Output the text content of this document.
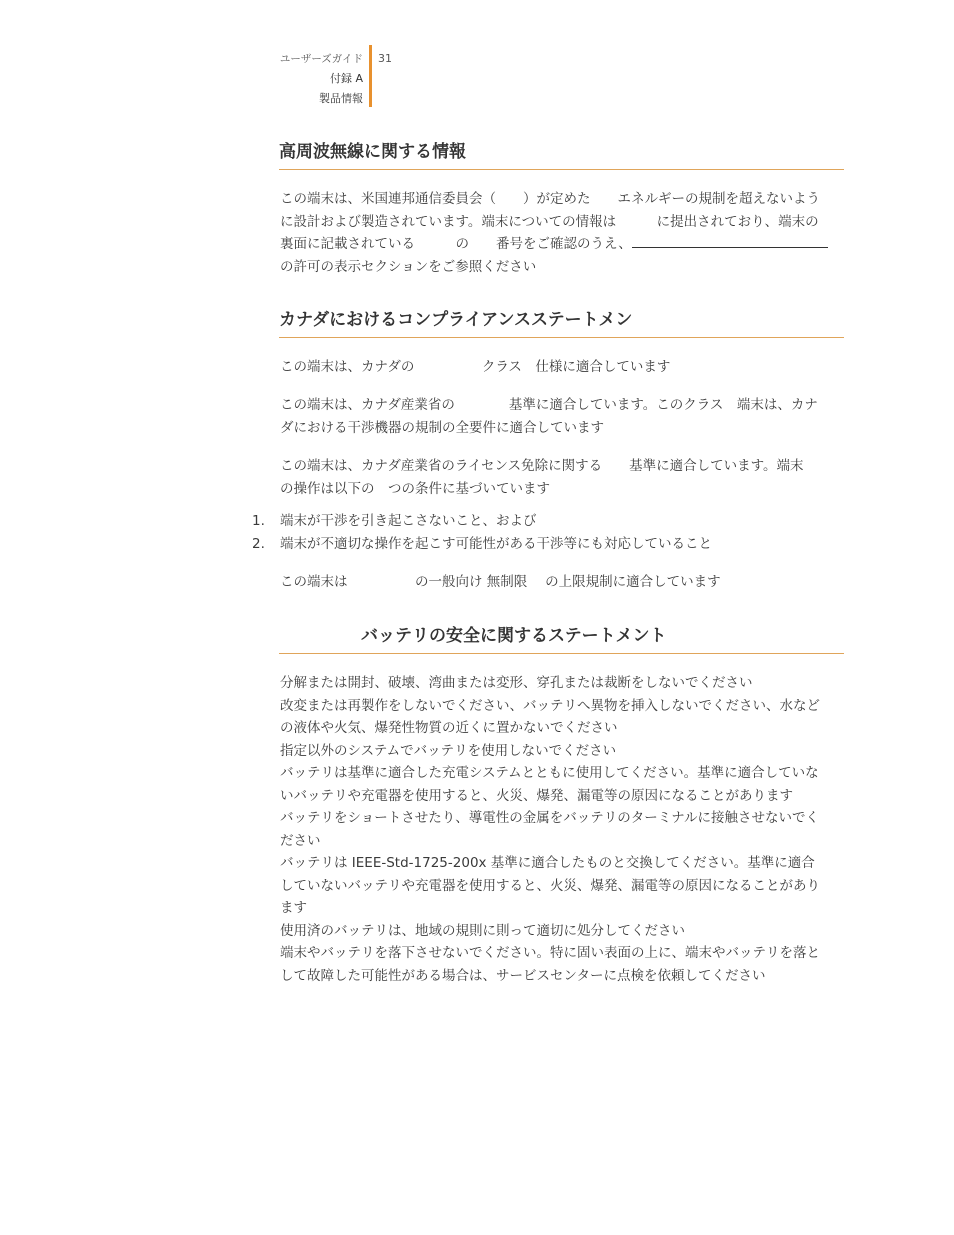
ユーザーズガイド
付録 A
製品情報
31
高周波無線に関する情報
この端末は、米国連邦通信委員会（　　）が定めた　　エネルギーの規制を超えないよう
に設計および製造されています。端末についての情報は　　　に提出されており、端末の
裏面に記載されている　　　の　　番号をご確認のうえ、
の許可の表示セクションをご参照ください
カナダにおけるコンプライアンスステートメン
この端末は、カナダの　　　　　クラス　仕様に適合しています
この端末は、カナダ産業省の　　　　基準に適合しています。このクラス　端末は、カナ
ダにおける干渉機器の規制の全要件に適合しています
この端末は、カナダ産業省のライセンス免除に関する　　基準に適合しています。端末
の操作は以下の　つの条件に基づいています
1.	端末が干渉を引き起こさないこと、および
2.	端末が不適切な操作を起こす可能性がある干渉等にも対応していること
この端末は　　　　　の一般向け 無制限　 の上限規制に適合しています
バッテリの安全に関するステートメント
分解または開封、破壊、湾曲または変形、穿孔または裁断をしないでください
改変または再製作をしないでください、バッテリへ異物を挿入しないでください、水など
の液体や火気、爆発性物質の近くに置かないでください
指定以外のシステムでバッテリを使用しないでください
バッテリは基準に適合した充電システムとともに使用してください。基準に適合していな
いバッテリや充電器を使用すると、火災、爆発、漏電等の原因になることがあります
バッテリをショートさせたり、導電性の金属をバッテリのターミナルに接触させないでく
ださい
バッテリは IEEE-Std-1725-200x 基準に適合したものと交換してください。基準に適合
していないバッテリや充電器を使用すると、火災、爆発、漏電等の原因になることがあり
ます
使用済のバッテリは、地域の規則に則って適切に処分してください
端末やバッテリを落下させないでください。特に固い表面の上に、端末やバッテリを落と
して故障した可能性がある場合は、サービスセンターに点検を依頼してください
